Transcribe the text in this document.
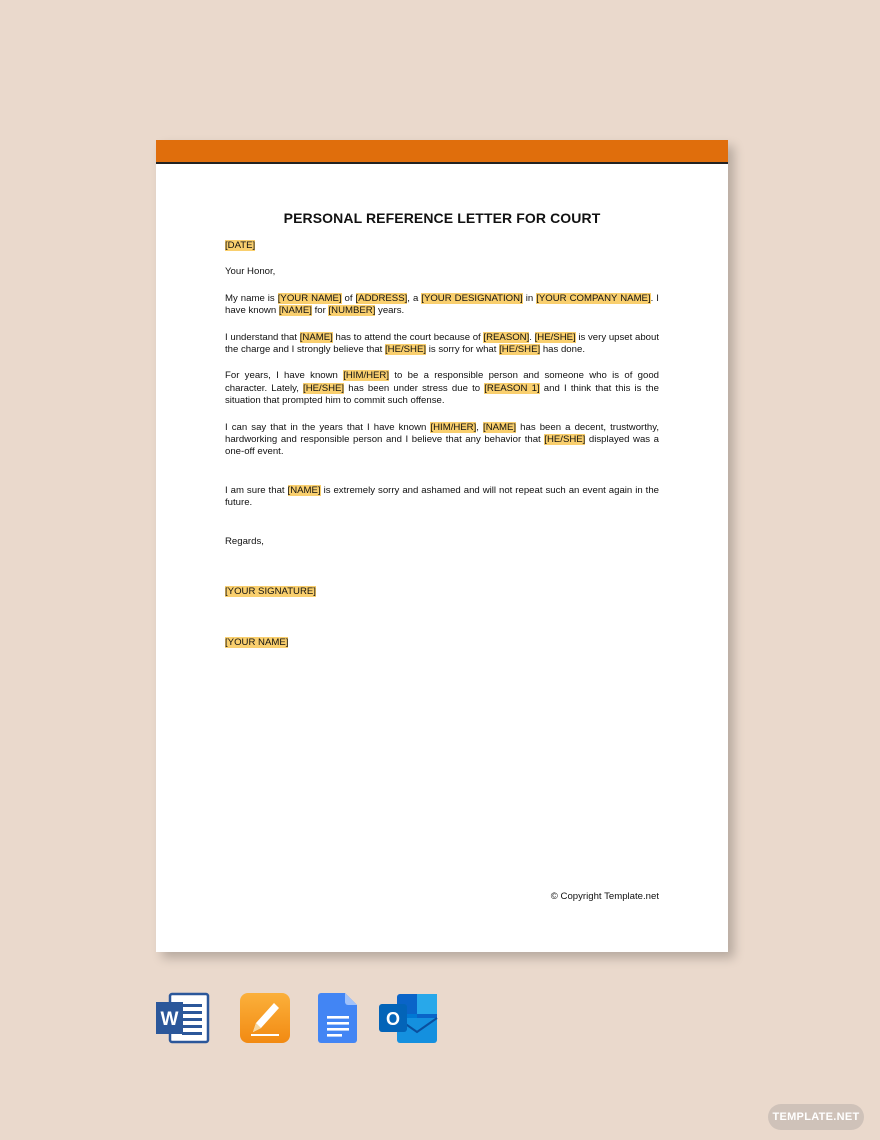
PERSONAL REFERENCE LETTER FOR COURT

[DATE]

Your Honor,

My name is [YOUR NAME] of [ADDRESS], a [YOUR DESIGNATION] in [YOUR COMPANY NAME]. I have known [NAME] for [NUMBER] years.

I understand that [NAME] has to attend the court because of [REASON]. [HE/SHE] is very upset about the charge and I strongly believe that [HE/SHE] is sorry for what [HE/SHE] has done.

For years, I have known [HIM/HER] to be a responsible person and someone who is of good character. Lately, [HE/SHE] has been under stress due to [REASON 1] and I think that this is the situation that prompted him to commit such offense.

I can say that in the years that I have known [HIM/HER], [NAME] has been a decent, trustworthy, hardworking and responsible person and I believe that any behavior that [HE/SHE] displayed was a one-off event.

I am sure that [NAME] is extremely sorry and ashamed and will not repeat such an event again in the future.

Regards,

[YOUR SIGNATURE]

[YOUR NAME]

© Copyright Template.net
W	O
TEMPLATE.NET
